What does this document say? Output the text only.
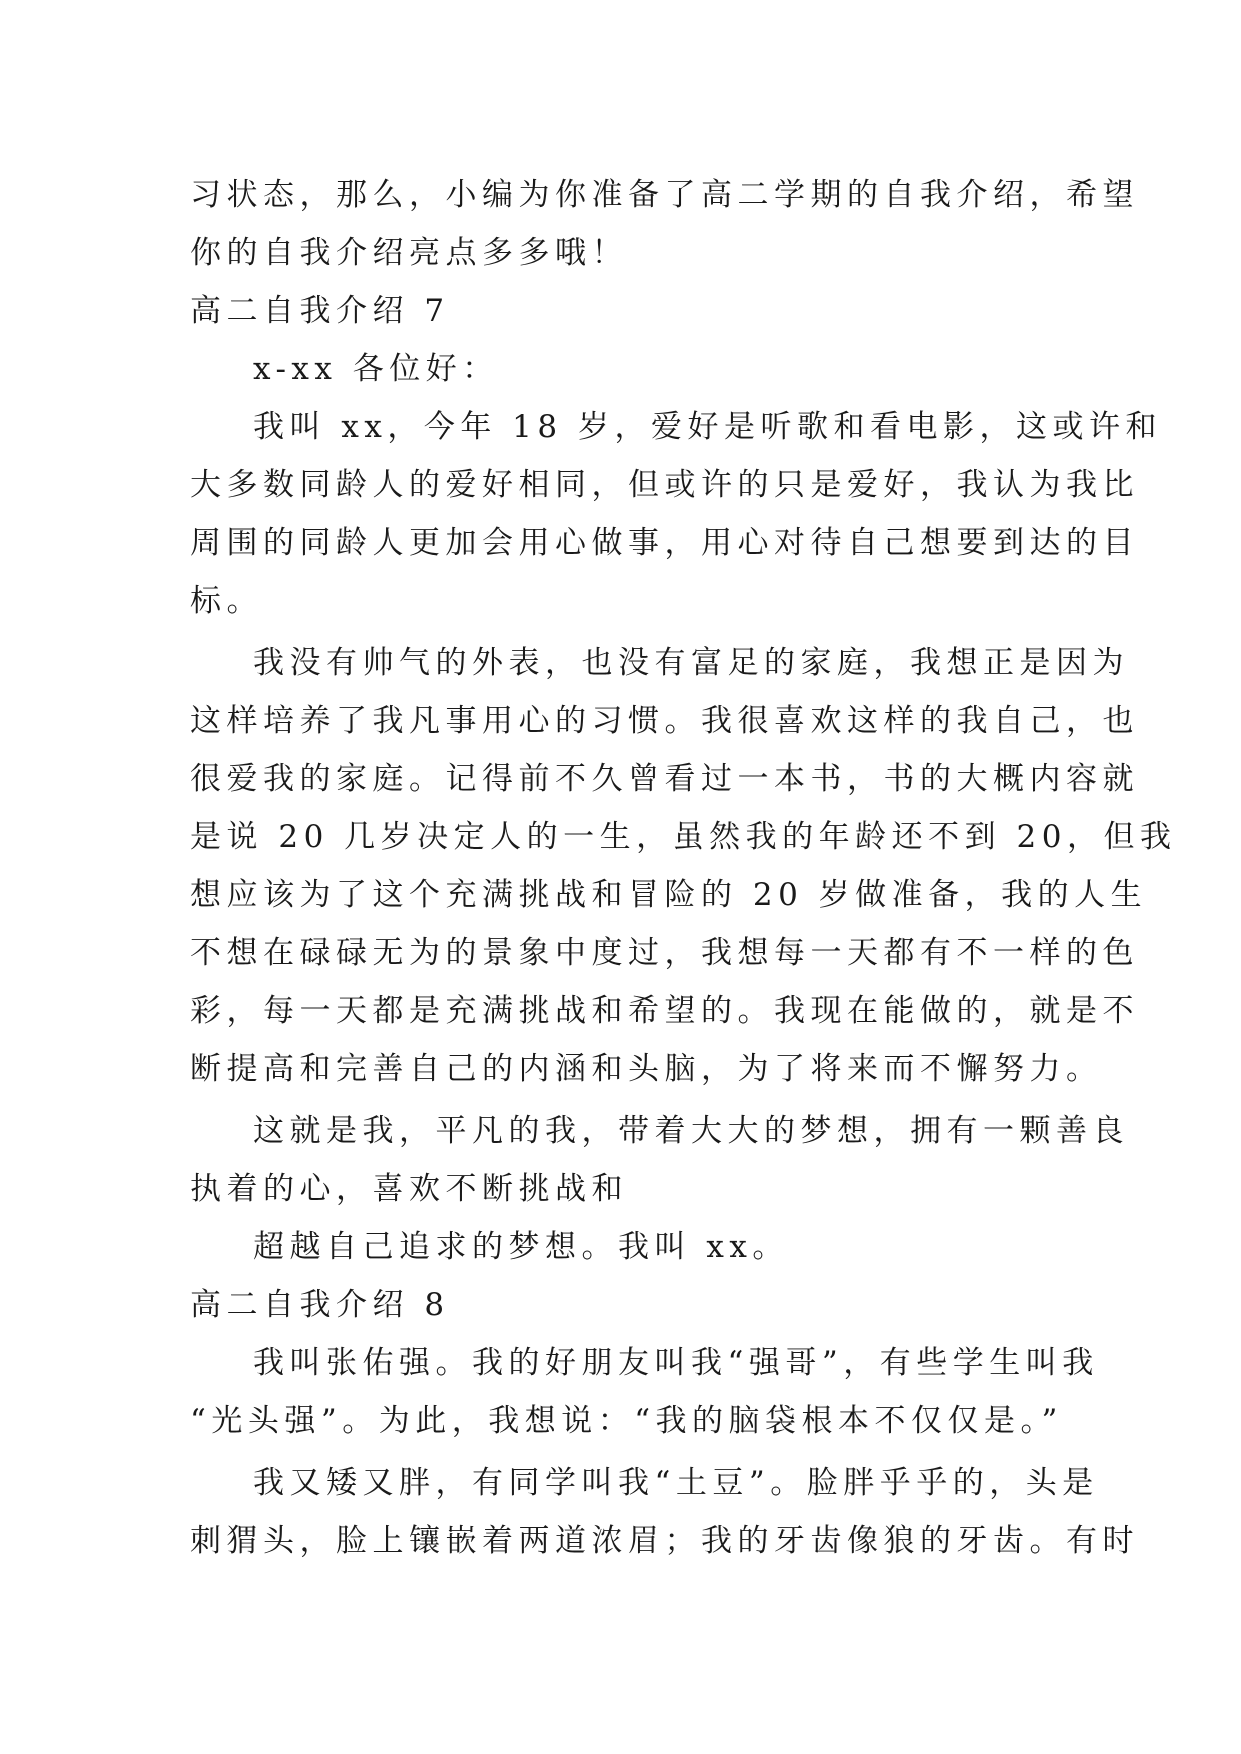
习状态，那么，小编为你准备了高二学期的自我介绍，希望
你的自我介绍亮点多多哦！
高二自我介绍 7
x-xx 各位好：
我叫 xx，今年 18 岁，爱好是听歌和看电影，这或许和
大多数同龄人的爱好相同，但或许的只是爱好，我认为我比
周围的同龄人更加会用心做事，用心对待自己想要到达的目
标。
我没有帅气的外表，也没有富足的家庭，我想正是因为
这样培养了我凡事用心的习惯。我很喜欢这样的我自己，也
很爱我的家庭。记得前不久曾看过一本书，书的大概内容就
是说 20 几岁决定人的一生，虽然我的年龄还不到 20，但我
想应该为了这个充满挑战和冒险的 20 岁做准备，我的人生
不想在碌碌无为的景象中度过，我想每一天都有不一样的色
彩，每一天都是充满挑战和希望的。我现在能做的，就是不
断提高和完善自己的内涵和头脑，为了将来而不懈努力。
这就是我，平凡的我，带着大大的梦想，拥有一颗善良
执着的心，喜欢不断挑战和
超越自己追求的梦想。我叫 xx。
高二自我介绍 8
我叫张佑强。我的好朋友叫我“强哥”，有些学生叫我
“光头强”。为此，我想说：“我的脑袋根本不仅仅是。”
我又矮又胖，有同学叫我“土豆”。脸胖乎乎的，头是
刺猬头，脸上镶嵌着两道浓眉；我的牙齿像狼的牙齿。有时
